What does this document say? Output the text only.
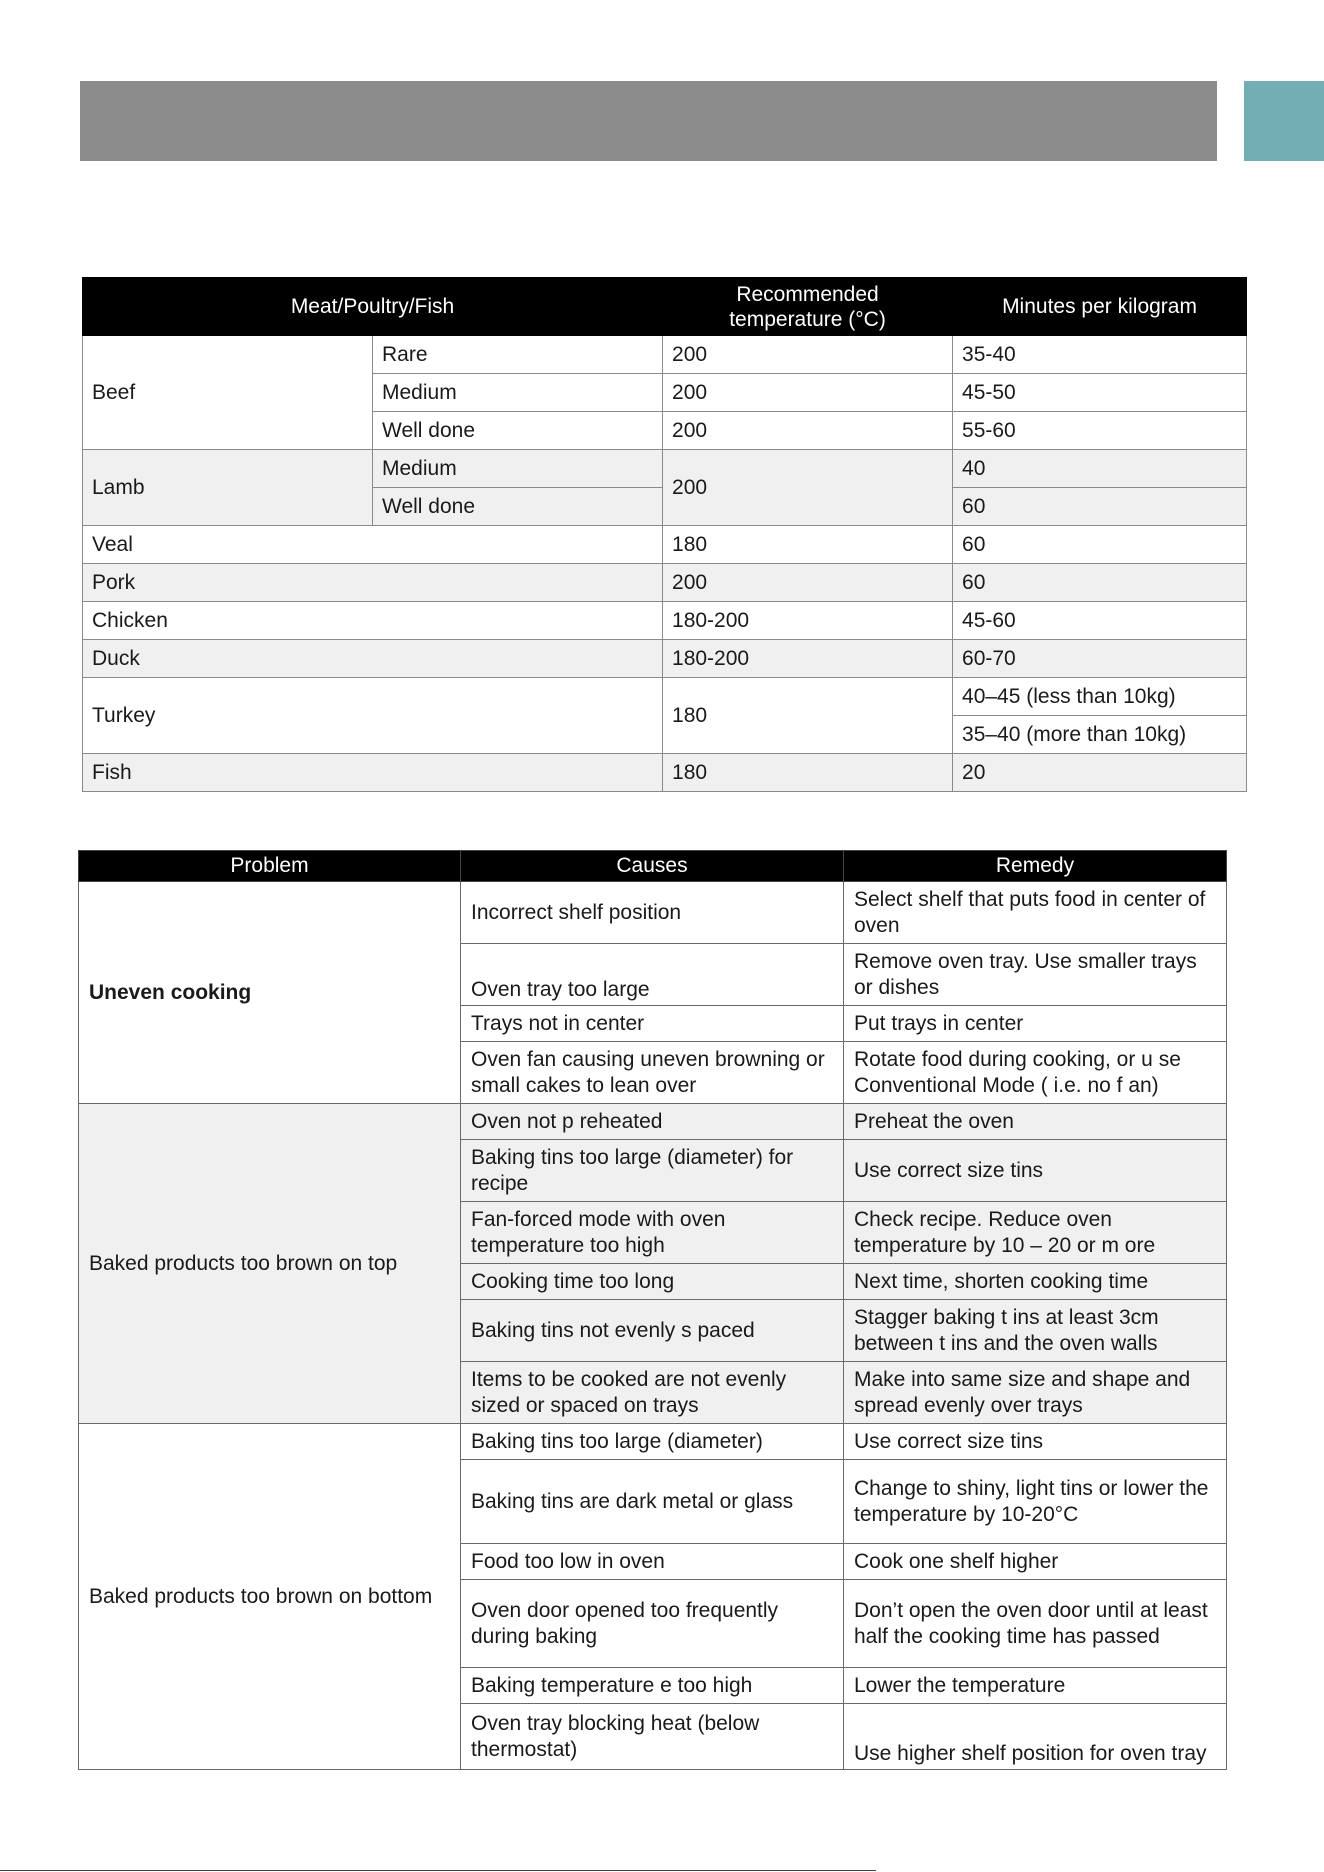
Meat/Poultry/Fish		Recommended temperature (°C)	Minutes per kilogram
Beef	Rare	200	35-40
	Medium	200	45-50
	Well done	200	55-60
Lamb	Medium	200	40
	Well done		60
Veal		180	60
Pork		200	60
Chicken		180-200	45-60
Duck		180-200	60-70
Turkey		180	40–45 (less than 10kg)
			35–40 (more than 10kg)
Fish		180	20
Problem	Causes	Remedy
Uneven cooking	Incorrect shelf position	Select shelf that puts food in center of oven
	Oven tray too large	Remove oven tray. Use smaller trays or dishes
	Trays not in center	Put trays in center
	Oven fan causing uneven browning or small cakes to lean over	Rotate food during cooking, or u se Conventional Mode ( i.e. no f an)
Baked products too brown on top	Oven not p reheated	Preheat the oven
	Baking tins too large (diameter) for recipe	Use correct size tins
	Fan-forced mode with oven temperature too high	Check recipe. Reduce oven temperature by 10 – 20 or m ore
	Cooking time too long	Next time, shorten cooking time
	Baking tins not evenly s paced	Stagger baking t ins at least 3cm between t ins and the oven walls
	Items to be cooked are not evenly sized or spaced on trays	Make into same size and shape and spread evenly over trays
Baked products too brown on bottom	Baking tins too large (diameter)	Use correct size tins
	Baking tins are dark metal or glass	Change to shiny, light tins or lower the temperature by 10-20°C
	Food too low in oven	Cook one shelf higher
	Oven door opened too frequently during baking	Don’t open the oven door until at least half the cooking time has passed
	Baking temperature e too high	Lower the temperature
	Oven tray blocking heat (below thermostat)	Use higher shelf position for oven tray
